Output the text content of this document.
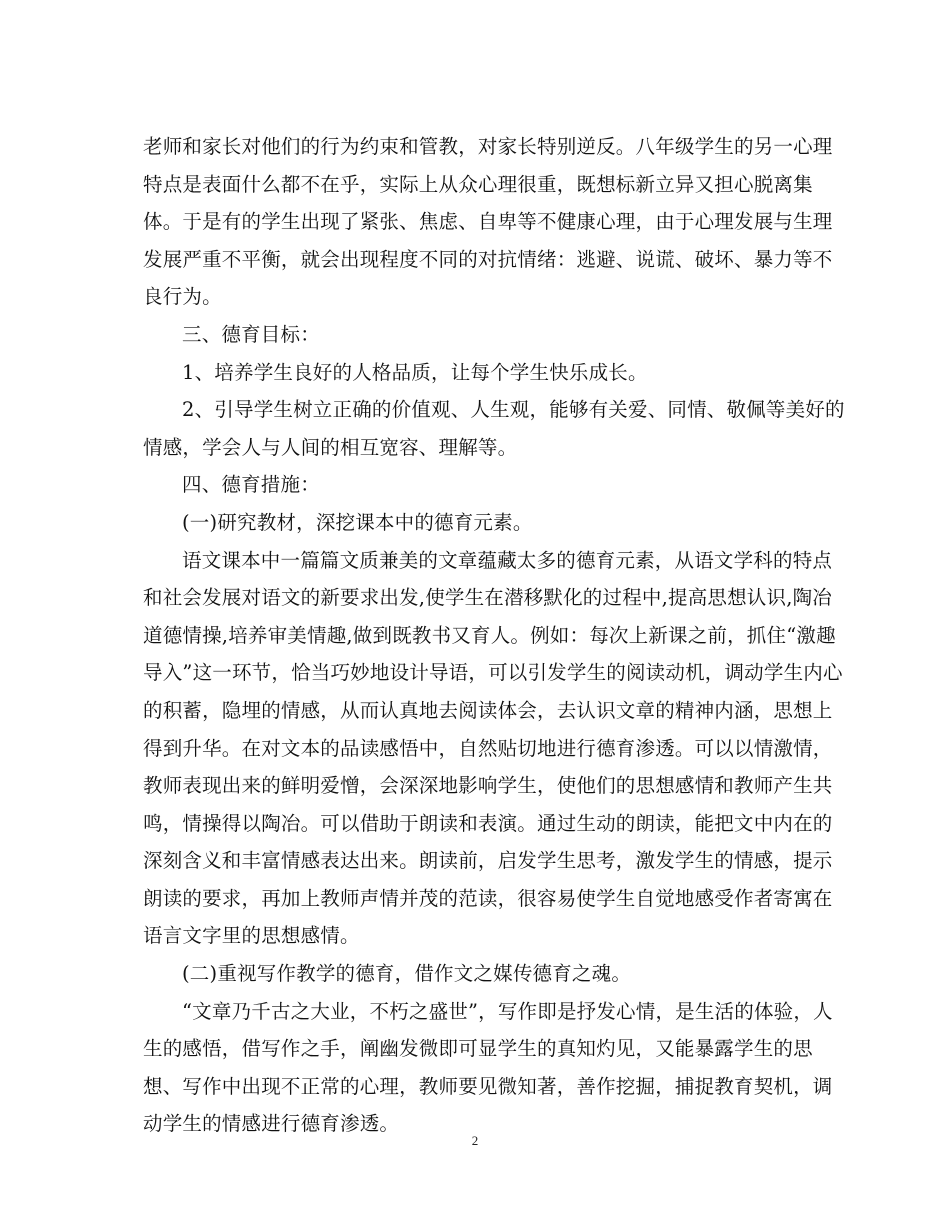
老师和家长对他们的行为约束和管教，对家长特别逆反。八年级学生的另一心理
特点是表面什么都不在乎，实际上从众心理很重，既想标新立异又担心脱离集
体。于是有的学生出现了紧张、焦虑、自卑等不健康心理，由于心理发展与生理
发展严重不平衡，就会出现程度不同的对抗情绪：逃避、说谎、破坏、暴力等不
良行为。
三、德育目标：
1、培养学生良好的人格品质，让每个学生快乐成长。
2、引导学生树立正确的价值观、人生观，能够有关爱、同情、敬佩等美好的
情感，学会人与人间的相互宽容、理解等。
四、德育措施：
(一)研究教材，深挖课本中的德育元素。
语文课本中一篇篇文质兼美的文章蕴藏太多的德育元素，从语文学科的特点
和社会发展对语文的新要求出发,使学生在潜移默化的过程中,提高思想认识,陶冶
道德情操,培养审美情趣,做到既教书又育人。例如：每次上新课之前，抓住“激趣
导入”这一环节，恰当巧妙地设计导语，可以引发学生的阅读动机，调动学生内心
的积蓄，隐埋的情感，从而认真地去阅读体会，去认识文章的精神内涵，思想上
得到升华。在对文本的品读感悟中，自然贴切地进行德育渗透。可以以情激情，
教师表现出来的鲜明爱憎，会深深地影响学生，使他们的思想感情和教师产生共
鸣，情操得以陶冶。可以借助于朗读和表演。通过生动的朗读，能把文中内在的
深刻含义和丰富情感表达出来。朗读前，启发学生思考，激发学生的情感，提示
朗读的要求，再加上教师声情并茂的范读，很容易使学生自觉地感受作者寄寓在
语言文字里的思想感情。
(二)重视写作教学的德育，借作文之媒传德育之魂。
“文章乃千古之大业，不朽之盛世”，写作即是抒发心情，是生活的体验，人
生的感悟，借写作之手，阐幽发微即可显学生的真知灼见，又能暴露学生的思
想、写作中出现不正常的心理，教师要见微知著，善作挖掘，捕捉教育契机，调
动学生的情感进行德育渗透。
2
